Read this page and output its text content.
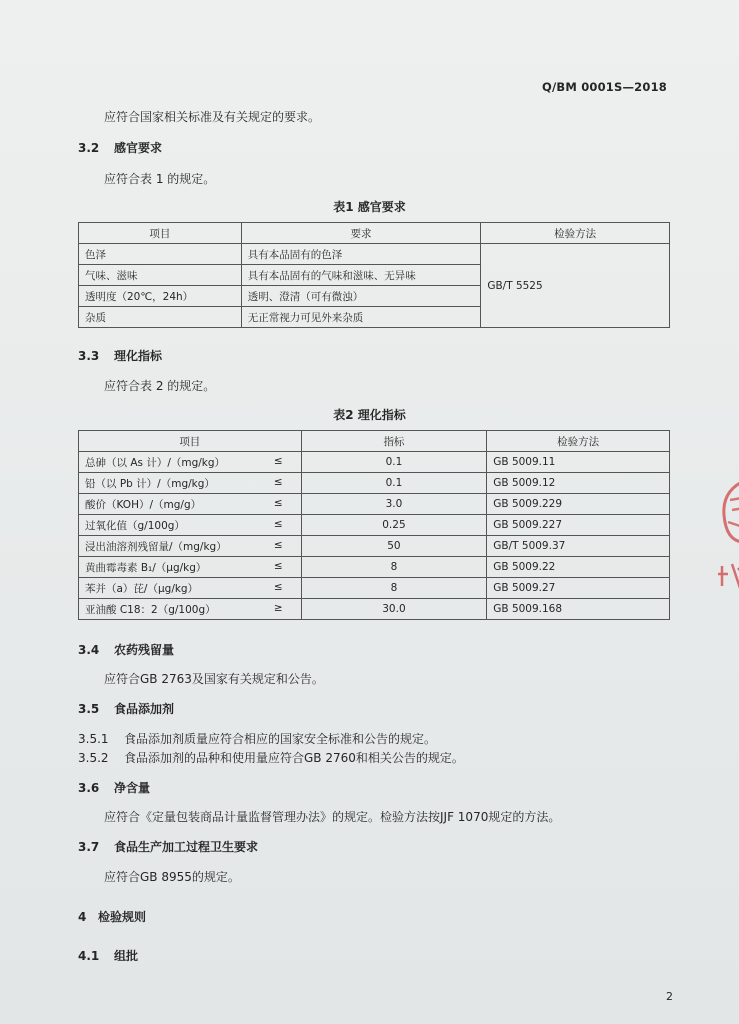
Q/BM 0001S—2018
应符合国家相关标准及有关规定的要求。
3.2 感官要求
应符合表 1 的规定。
表1 感官要求
项目	要求	检验方法
色泽	具有本品固有的色泽	GB/T 5525
气味、滋味	具有本品固有的气味和滋味、无异味	
透明度（20℃，24h）	透明、澄清（可有微浊）	
杂质	无正常视力可见外来杂质	
3.3 理化指标
应符合表 2 的规定。
表2 理化指标
项目	指标	检验方法
总砷（以 As 计）/（mg/kg） ≤	0.1	GB 5009.11
铅（以 Pb 计）/（mg/kg） ≤	0.1	GB 5009.12
酸价（KOH）/（mg/g） ≤	3.0	GB 5009.229
过氧化值（g/100g） ≤	0.25	GB 5009.227
浸出油溶剂残留量/（mg/kg） ≤	50	GB/T 5009.37
黄曲霉毒素 B₁/（μg/kg） ≤	8	GB 5009.22
苯并（a）芘/（μg/kg） ≤	8	GB 5009.27
亚油酸 C18：2（g/100g） ≥	30.0	GB 5009.168
3.4 农药残留量
应符合GB 2763及国家有关规定和公告。
3.5 食品添加剂
3.5.1 食品添加剂质量应符合相应的国家安全标准和公告的规定。
3.5.2 食品添加剂的品种和使用量应符合GB 2760和相关公告的规定。
3.6 净含量
应符合《定量包装商品计量监督管理办法》的规定。检验方法按JJF 1070规定的方法。
3.7 食品生产加工过程卫生要求
应符合GB 8955的规定。
4 检验规则
4.1 组批
2
